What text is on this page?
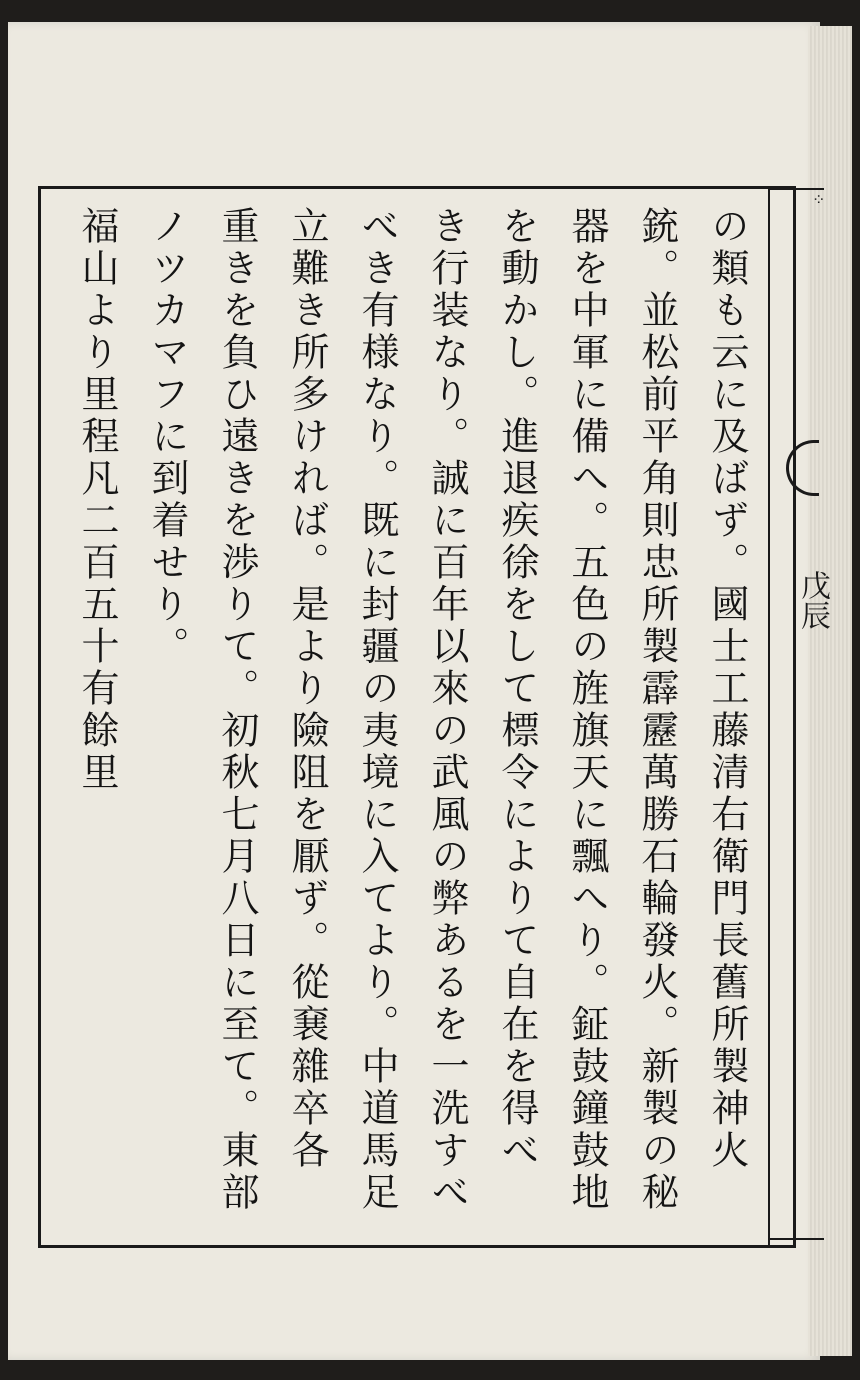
⁘
戊辰
の類も云に及ばず。國士工藤清右衛門長舊所製神火
銃。並松前平角則忠所製霹靂萬勝石輪發火。新製の秘
器を中軍に備へ。五色の旌旗天に飄へり。鉦鼓鐘鼓地
を動かし。進退疾徐をして標令によりて自在を得べ
き行装なり。誠に百年以來の武風の弊あるを一洗すべ
べき有様なり。既に封疆の夷境に入てより。中道馬足
立難き所多ければ。是より險阻を厭ず。從㐮雜卒各
重きを負ひ遠きを渉りて。初秋七月八日に至て。東部
ノツカマフに到着せり。
福山より里程凡二百五十有餘里
